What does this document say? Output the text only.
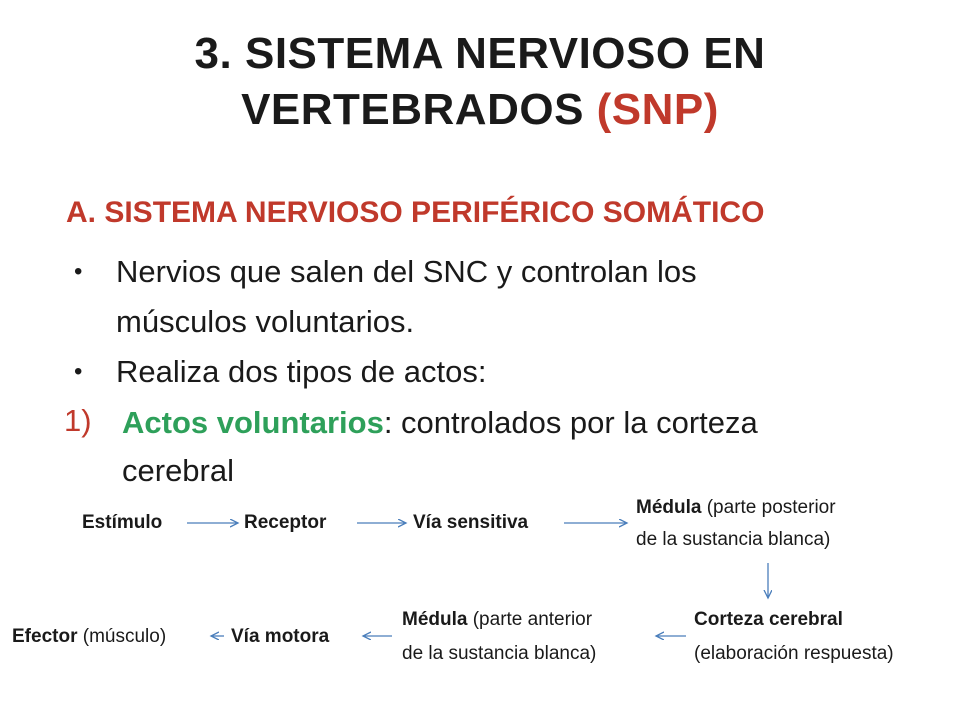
3. SISTEMA NERVIOSO EN
VERTEBRADOS (SNP)
A. SISTEMA NERVIOSO PERIFÉRICO SOMÁTICO
• Nervios que salen del SNC y controlan los
músculos voluntarios.
• Realiza dos tipos de actos:
1) Actos voluntarios: controlados por la corteza
cerebral
Estímulo	Receptor	Vía sensitiva
Médula (parte posterior
de la sustancia blanca)
Corteza cerebral
(elaboración respuesta)
Médula (parte anterior
de la sustancia blanca)
Vía motora
Efector (músculo)
